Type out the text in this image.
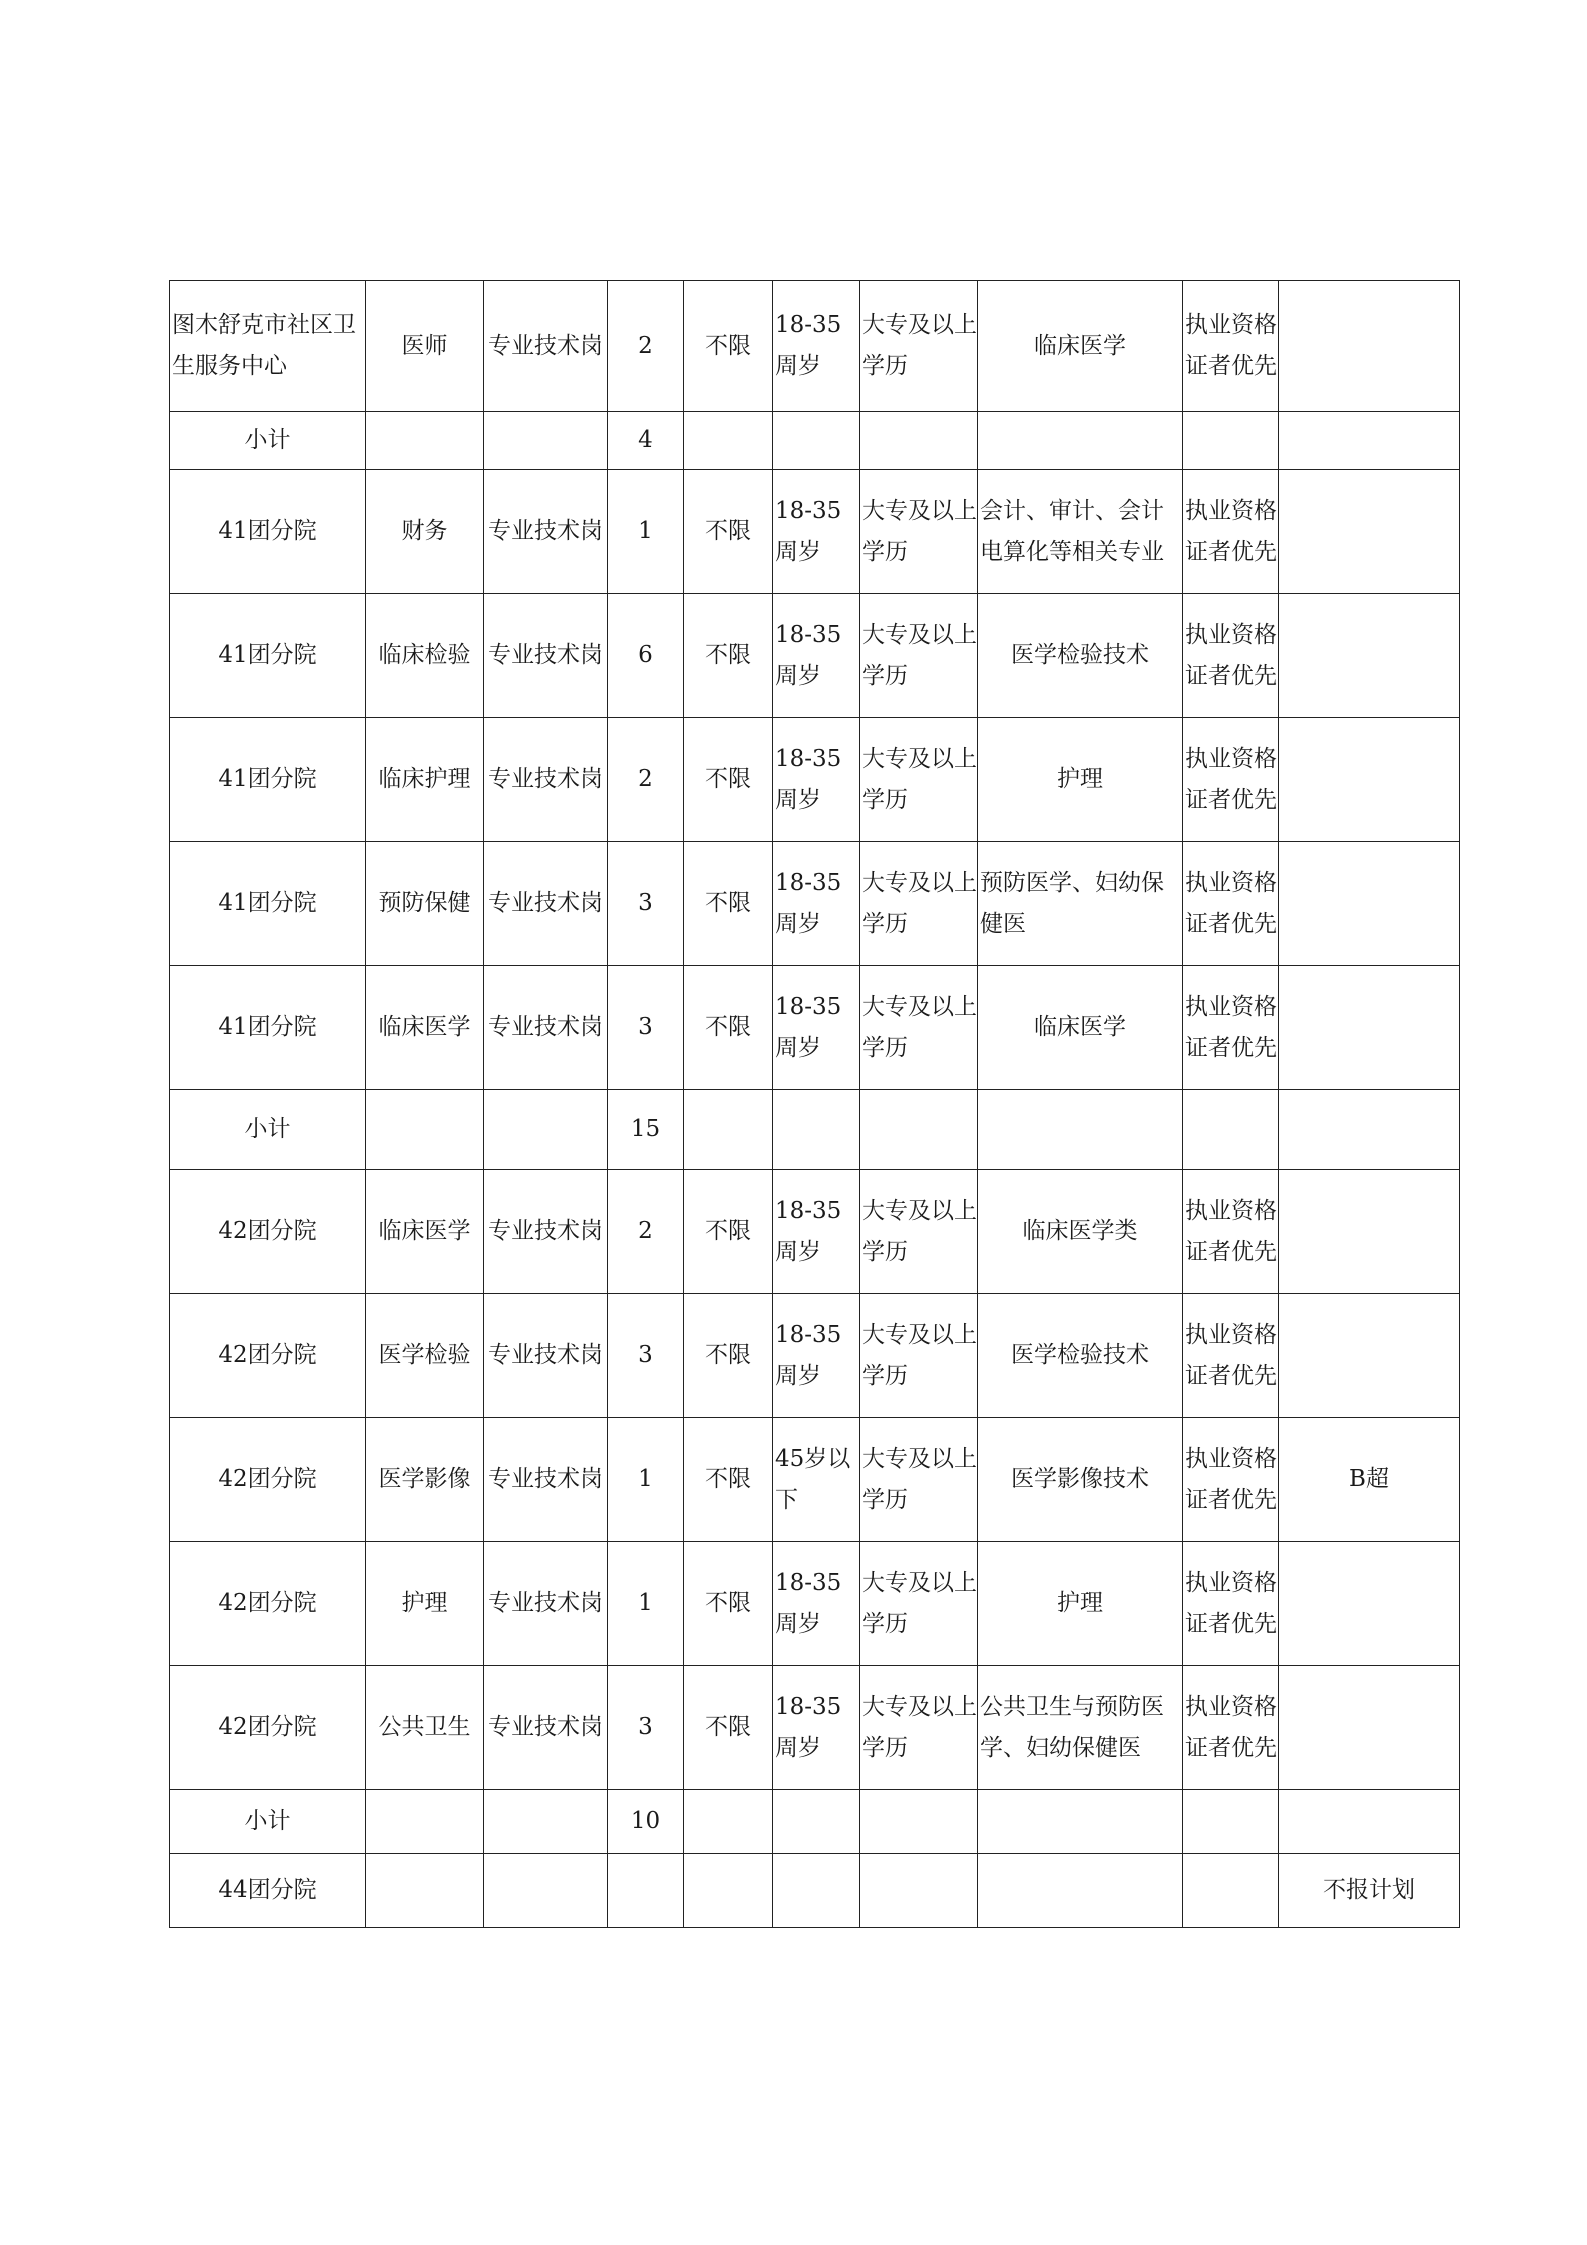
图木舒克市社区卫生服务中心	医师	专业技术岗	2	不限	18-35周岁	大专及以上学历	临床医学	执业资格证者优先	

小计			4		

41团分院	财务	专业技术岗	1	不限	18-35周岁	大专及以上学历	会计、审计、会计电算化等相关专业	执业资格证者优先	

41团分院	临床检验	专业技术岗	6	不限	18-35周岁	大专及以上学历	医学检验技术	执业资格证者优先	

41团分院	临床护理	专业技术岗	2	不限	18-35周岁	大专及以上学历	护理	执业资格证者优先	

41团分院	预防保健	专业技术岗	3	不限	18-35周岁	大专及以上学历	预防医学、妇幼保健医	执业资格证者优先	

41团分院	临床医学	专业技术岗	3	不限	18-35周岁	大专及以上学历	临床医学	执业资格证者优先	

小计			15		

42团分院	临床医学	专业技术岗	2	不限	18-35周岁	大专及以上学历	临床医学类	执业资格证者优先	

42团分院	医学检验	专业技术岗	3	不限	18-35周岁	大专及以上学历	医学检验技术	执业资格证者优先	

42团分院	医学影像	专业技术岗	1	不限	45岁以下	大专及以上学历	医学影像技术	执业资格证者优先	B超
42团分院	护理	专业技术岗	1	不限	18-35周岁	大专及以上学历	护理	执业资格证者优先	

42团分院	公共卫生	专业技术岗	3	不限	18-35周岁	大专及以上学历	公共卫生与预防医学、妇幼保健医	执业资格证者优先	

小计			10		

44团分院									不报计划
